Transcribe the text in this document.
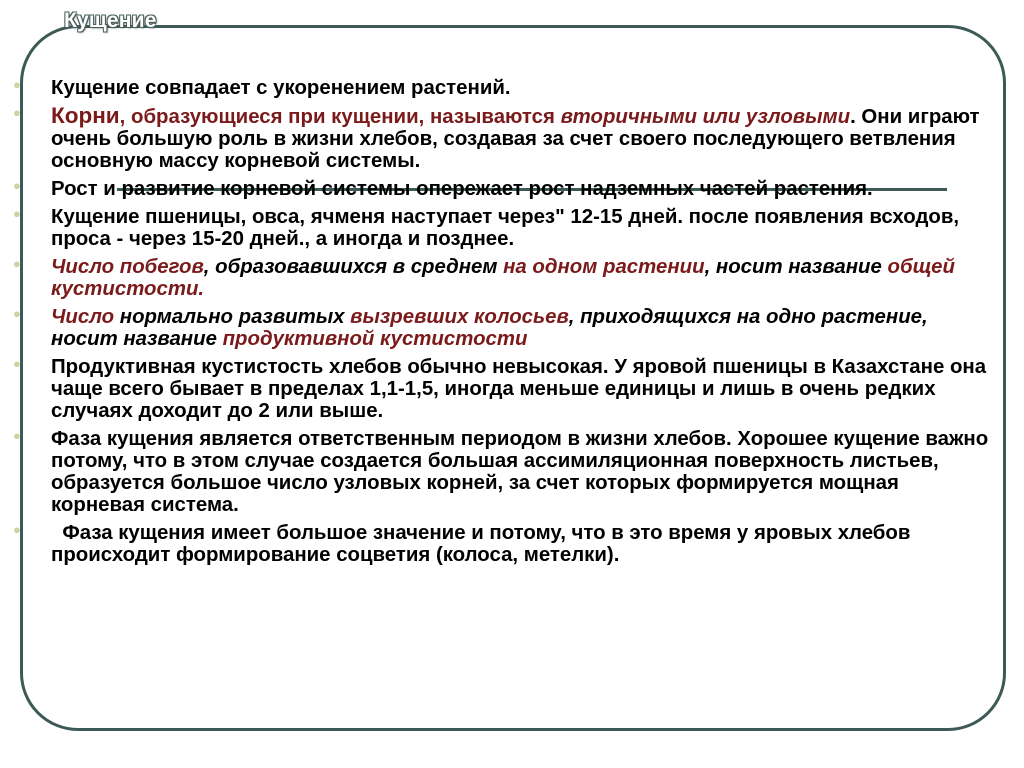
Кущение

● Кущение совпадает с укоренением растений.

● Корни, образующиеся при кущении, называются вторичными или узловыми. Они играют очень большую роль в жизни хлебов, создавая за счет своего последующего ветвления основную массу корневой системы.

● Рост и развитие корневой системы опережает рост надземных частей растения.

● Кущение пшеницы, овса, ячменя наступает через" 12-15 дней. после появления всходов, проса - через 15-20 дней., а иногда и позднее.

● Число побегов, образовавшихся в среднем на одном растении, носит название общей кустистости.

● Число нормально развитых вызревших колосьев, приходящихся на одно растение, носит название продуктивной кустистости

● Продуктивная кустистость хлебов обычно невысокая. У яровой пшеницы в Казахстане она чаще всего бывает в пределах 1,1-1,5, иногда меньше единицы и лишь в очень редких случаях доходит до 2 или выше.

● Фаза кущения является ответственным периодом в жизни хлебов. Хорошее кущение важно потому, что в этом случае создается большая ассимиляционная поверхность листьев, образуется большое число узловых корней, за счет которых формируется мощная корневая система.

● Фаза кущения имеет большое значение и потому, что в это время у яровых хлебов происходит формирование соцветия (колоса, метелки).
